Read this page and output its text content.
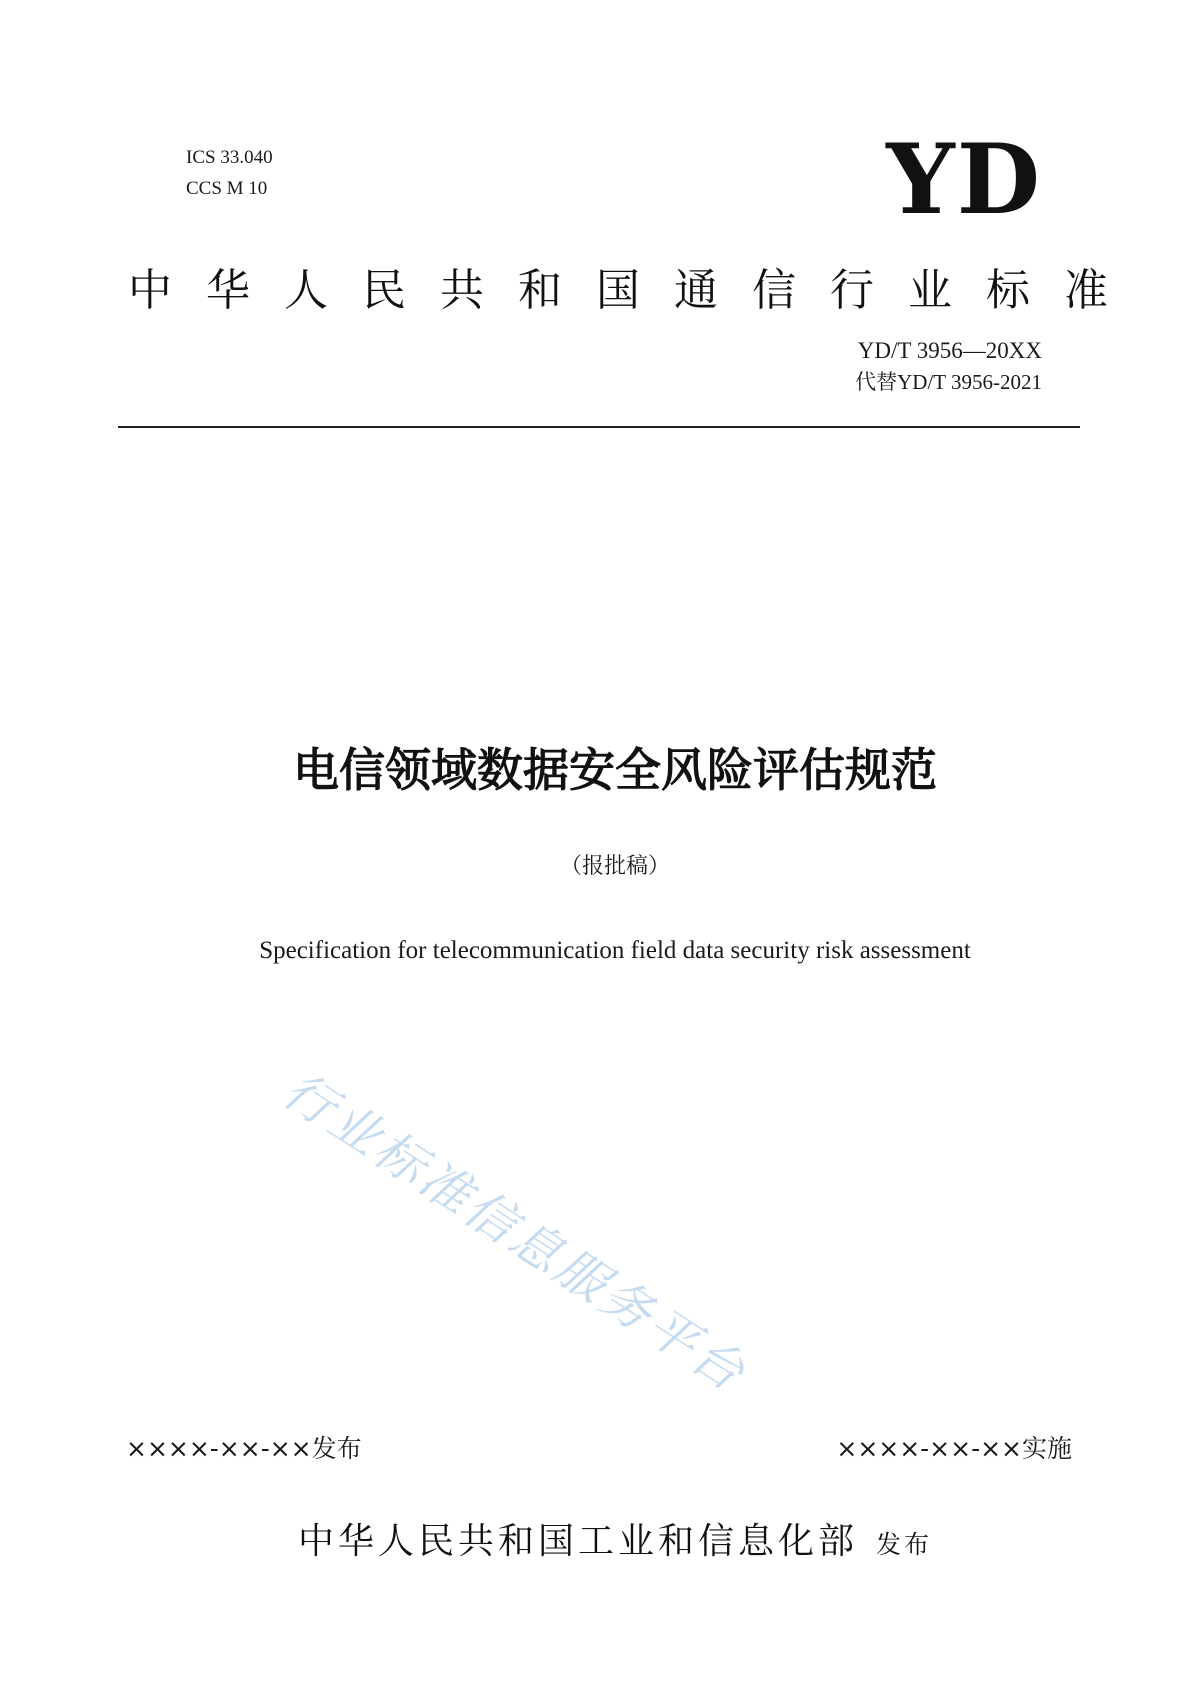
ICS 33.040
CCS M 10	YD
中 华 人 民 共 和 国 通 信 行 业 标 准
YD/T 3956—20XX
代替YD/T 3956-2021
电信领域数据安全风险评估规范
（报批稿）
Specification for telecommunication field data security risk assessment
行业标准信息服务平台
××××-××-××发布	××××-××-××实施
中华人民共和国工业和信息化部 发布
